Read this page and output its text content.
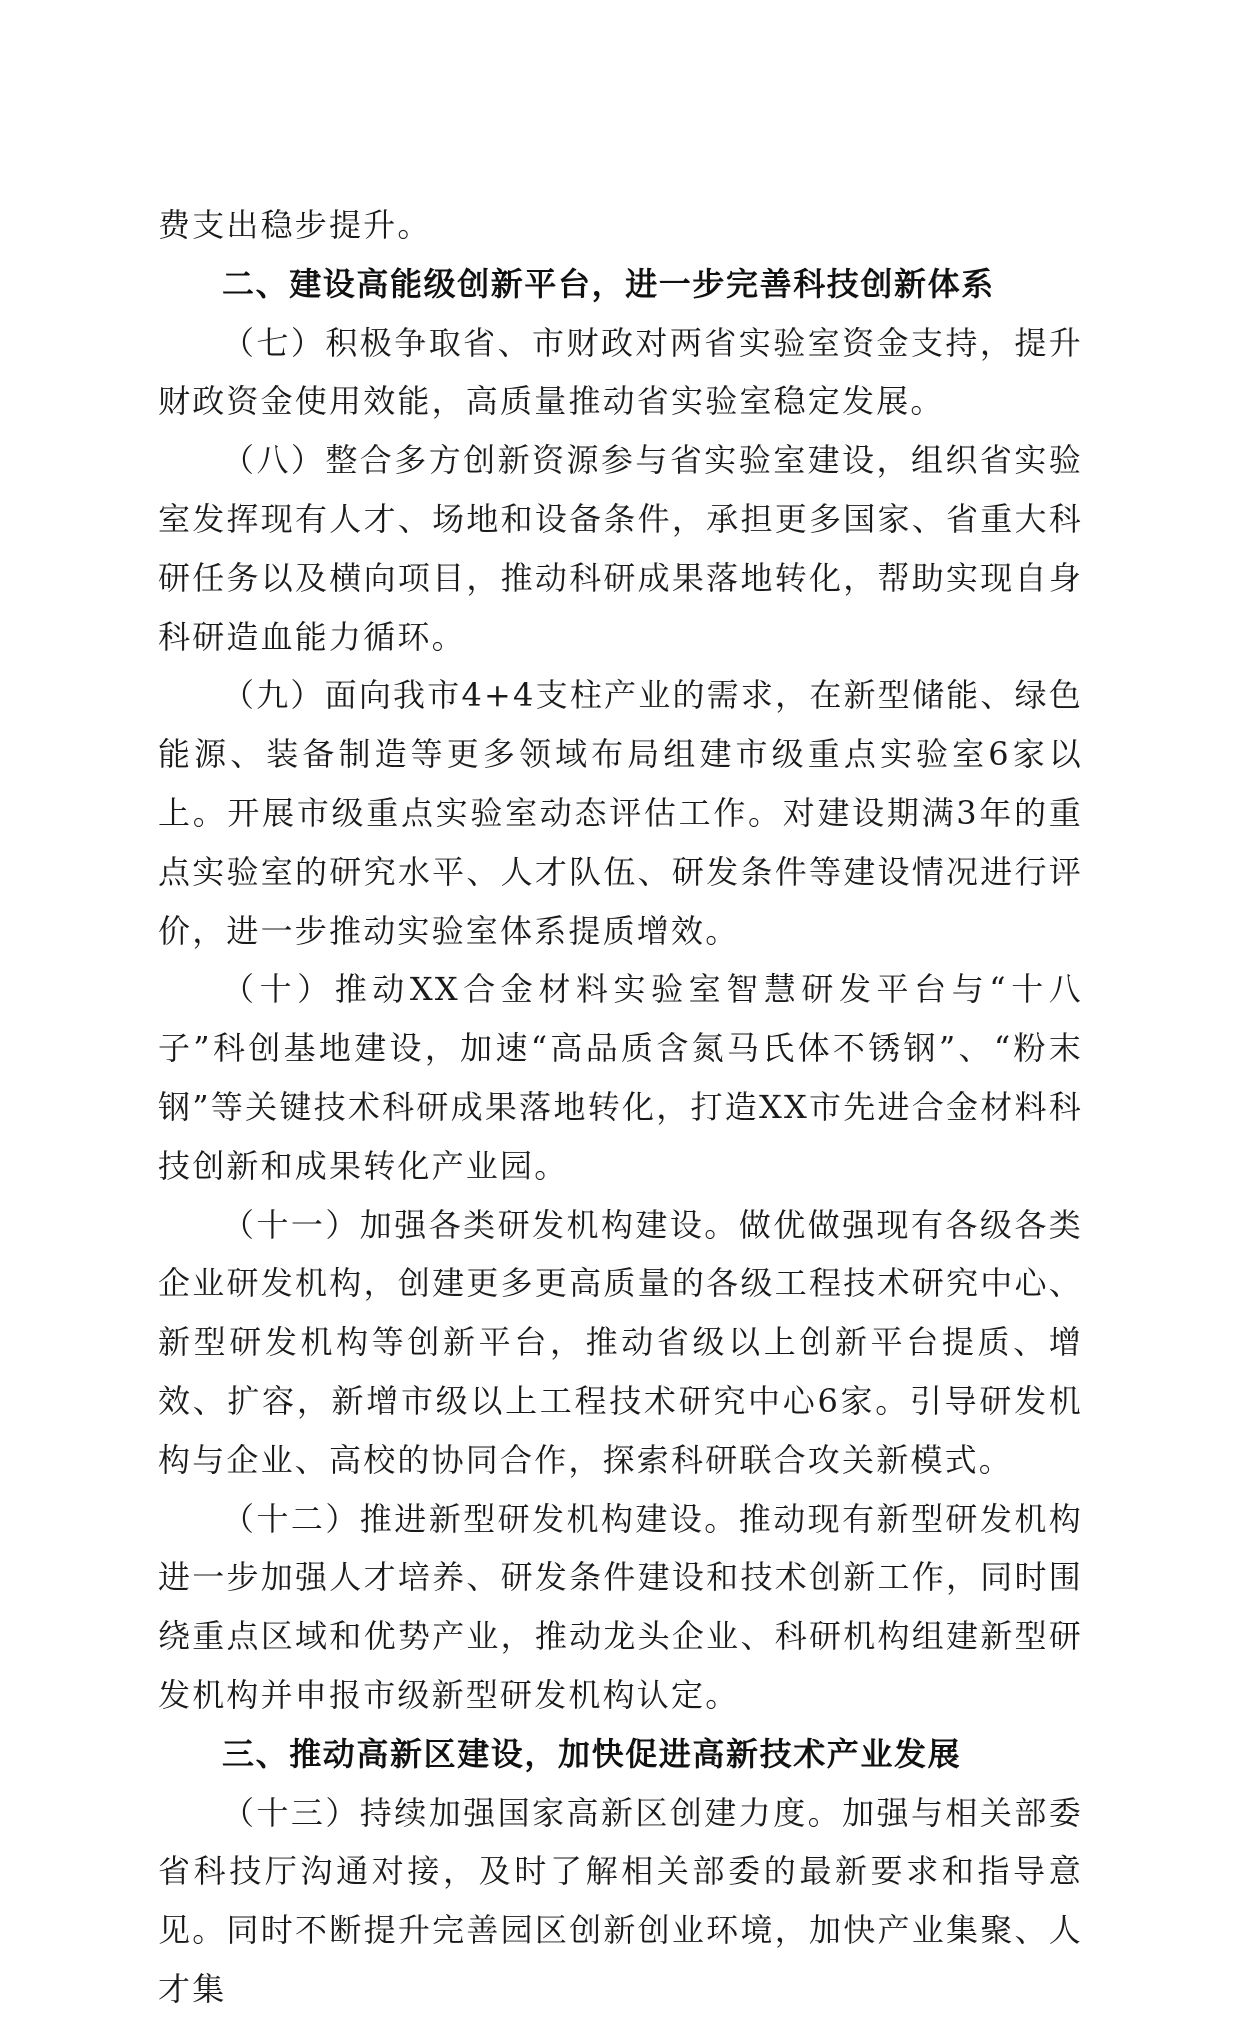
费支出稳步提升。

二、建设高能级创新平台，进一步完善科技创新体系

（七）积极争取省、市财政对两省实验室资金支持，提升财政资金使用效能，高质量推动省实验室稳定发展。

（八）整合多方创新资源参与省实验室建设，组织省实验室发挥现有人才、场地和设备条件，承担更多国家、省重大科研任务以及横向项目，推动科研成果落地转化，帮助实现自身科研造血能力循环。

（九）面向我市4+4支柱产业的需求，在新型储能、绿色能源、装备制造等更多领域布局组建市级重点实验室6家以上。开展市级重点实验室动态评估工作。对建设期满3年的重点实验室的研究水平、人才队伍、研发条件等建设情况进行评价，进一步推动实验室体系提质增效。

（十）推动XX合金材料实验室智慧研发平台与“十八子”科创基地建设，加速“高品质含氮马氏体不锈钢”、“粉末钢”等关键技术科研成果落地转化，打造XX市先进合金材料科技创新和成果转化产业园。

（十一）加强各类研发机构建设。做优做强现有各级各类企业研发机构，创建更多更高质量的各级工程技术研究中心、新型研发机构等创新平台，推动省级以上创新平台提质、增效、扩容，新增市级以上工程技术研究中心6家。引导研发机构与企业、高校的协同合作，探索科研联合攻关新模式。

（十二）推进新型研发机构建设。推动现有新型研发机构进一步加强人才培养、研发条件建设和技术创新工作，同时围绕重点区域和优势产业，推动龙头企业、科研机构组建新型研发机构并申报市级新型研发机构认定。

三、推动高新区建设，加快促进高新技术产业发展

（十三）持续加强国家高新区创建力度。加强与相关部委省科技厅沟通对接，及时了解相关部委的最新要求和指导意见。同时不断提升完善园区创新创业环境，加快产业集聚、人才集
